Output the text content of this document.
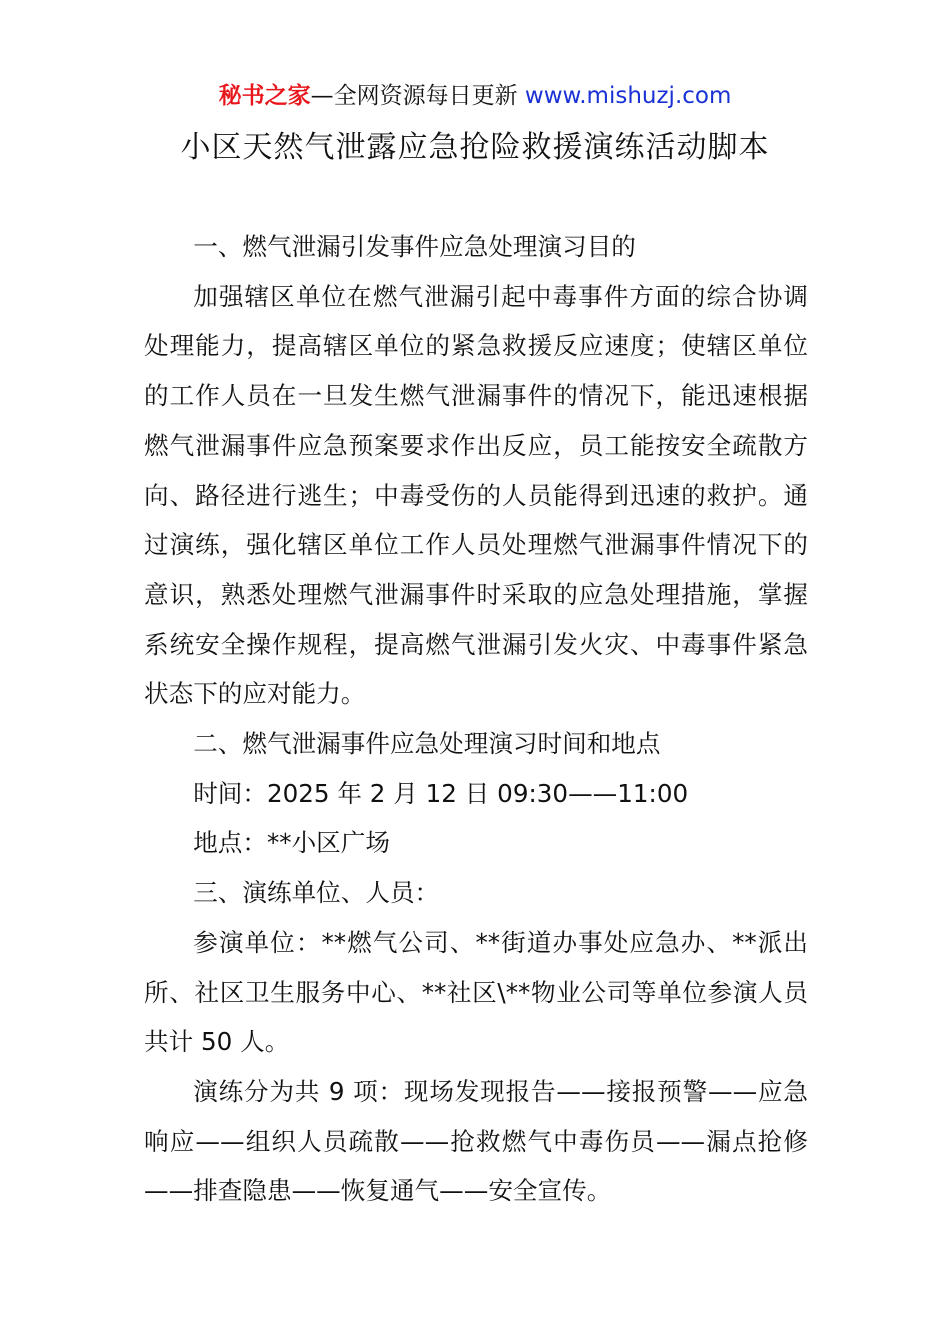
秘书之家—全网资源每日更新 www.mishuzj.com
小区天然气泄露应急抢险救援演练活动脚本

一、燃气泄漏引发事件应急处理演习目的

加强辖区单位在燃气泄漏引起中毒事件方面的综合协调处理能力，提高辖区单位的紧急救援反应速度；使辖区单位的工作人员在一旦发生燃气泄漏事件的情况下，能迅速根据燃气泄漏事件应急预案要求作出反应，员工能按安全疏散方向、路径进行逃生；中毒受伤的人员能得到迅速的救护。通过演练，强化辖区单位工作人员处理燃气泄漏事件情况下的意识，熟悉处理燃气泄漏事件时采取的应急处理措施，掌握系统安全操作规程，提高燃气泄漏引发火灾、中毒事件紧急状态下的应对能力。

二、燃气泄漏事件应急处理演习时间和地点

时间：2025 年 2 月 12 日 09:30——11:00

地点：**小区广场

三、演练单位、人员：

参演单位：**燃气公司、**街道办事处应急办、**派出所、社区卫生服务中心、**社区\**物业公司等单位参演人员共计 50 人。

演练分为共 9 项：现场发现报告——接报预警——应急响应——组织人员疏散——抢救燃气中毒伤员——漏点抢修——排查隐患——恢复通气——安全宣传。
